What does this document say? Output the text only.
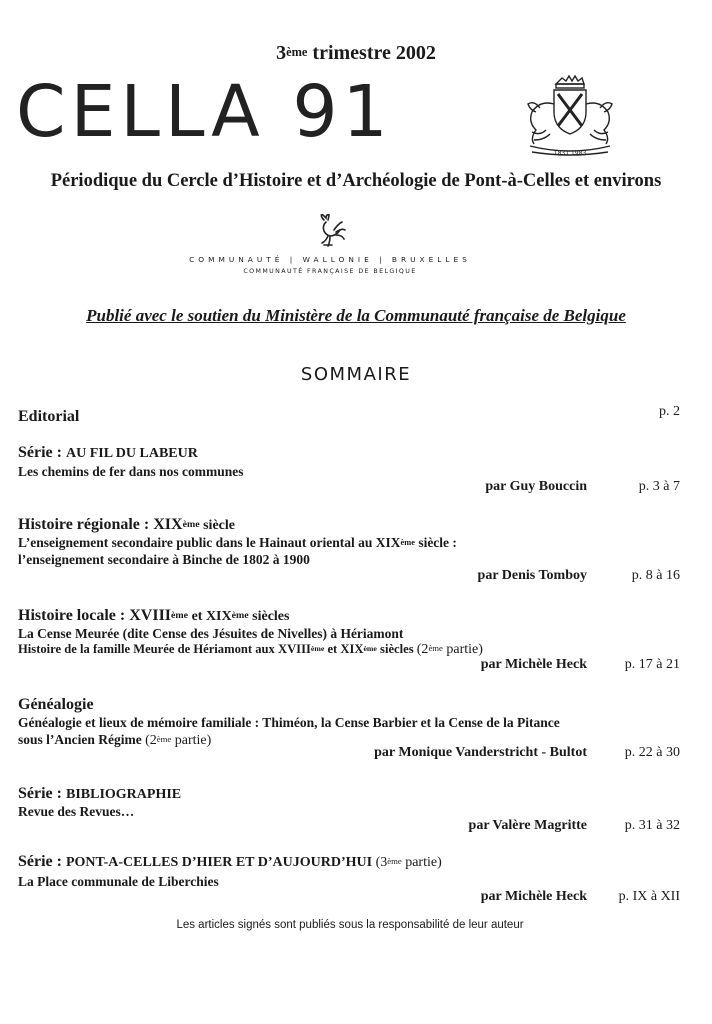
3ème trimestre 2002
CELLA 91
1831 1983
Périodique du Cercle d’Histoire et d’Archéologie de Pont-à-Celles et environs
COMMUNAUTÉ | WALLONIE | BRUXELLES
COMMUNAUTÉ FRANÇAISE DE BELGIQUE
Publié avec le soutien du Ministère de la Communauté française de Belgique
SOMMAIRE
Editorial	p. 2
Série : AU FIL DU LABEUR
Les chemins de fer dans nos communes
par Guy Bouccin	p. 3 à 7
Histoire régionale : XIXème siècle
L’enseignement secondaire public dans le Hainaut oriental au XIXème siècle :
l’enseignement secondaire à Binche de 1802 à 1900
par Denis Tomboy	p. 8 à 16
Histoire locale : XVIIIème et XIXème siècles
La Cense Meurée (dite Cense des Jésuites de Nivelles) à Hériamont
Histoire de la famille Meurée de Hériamont aux XVIIIème et XIXème siècles (2ème partie)
par Michèle Heck	p. 17 à 21
Généalogie
Généalogie et lieux de mémoire familiale : Thiméon, la Cense Barbier et la Cense de la Pitance
sous l’Ancien Régime (2ème partie)
par Monique Vanderstricht - Bultot	p. 22 à 30
Série : BIBLIOGRAPHIE
Revue des Revues…
par Valère Magritte	p. 31 à 32
Série : PONT-A-CELLES D’HIER ET D’AUJOURD’HUI (3ème partie)
La Place communale de Liberchies
par Michèle Heck	p. IX à XII
Les articles signés sont publiés sous la responsabilité de leur auteur
